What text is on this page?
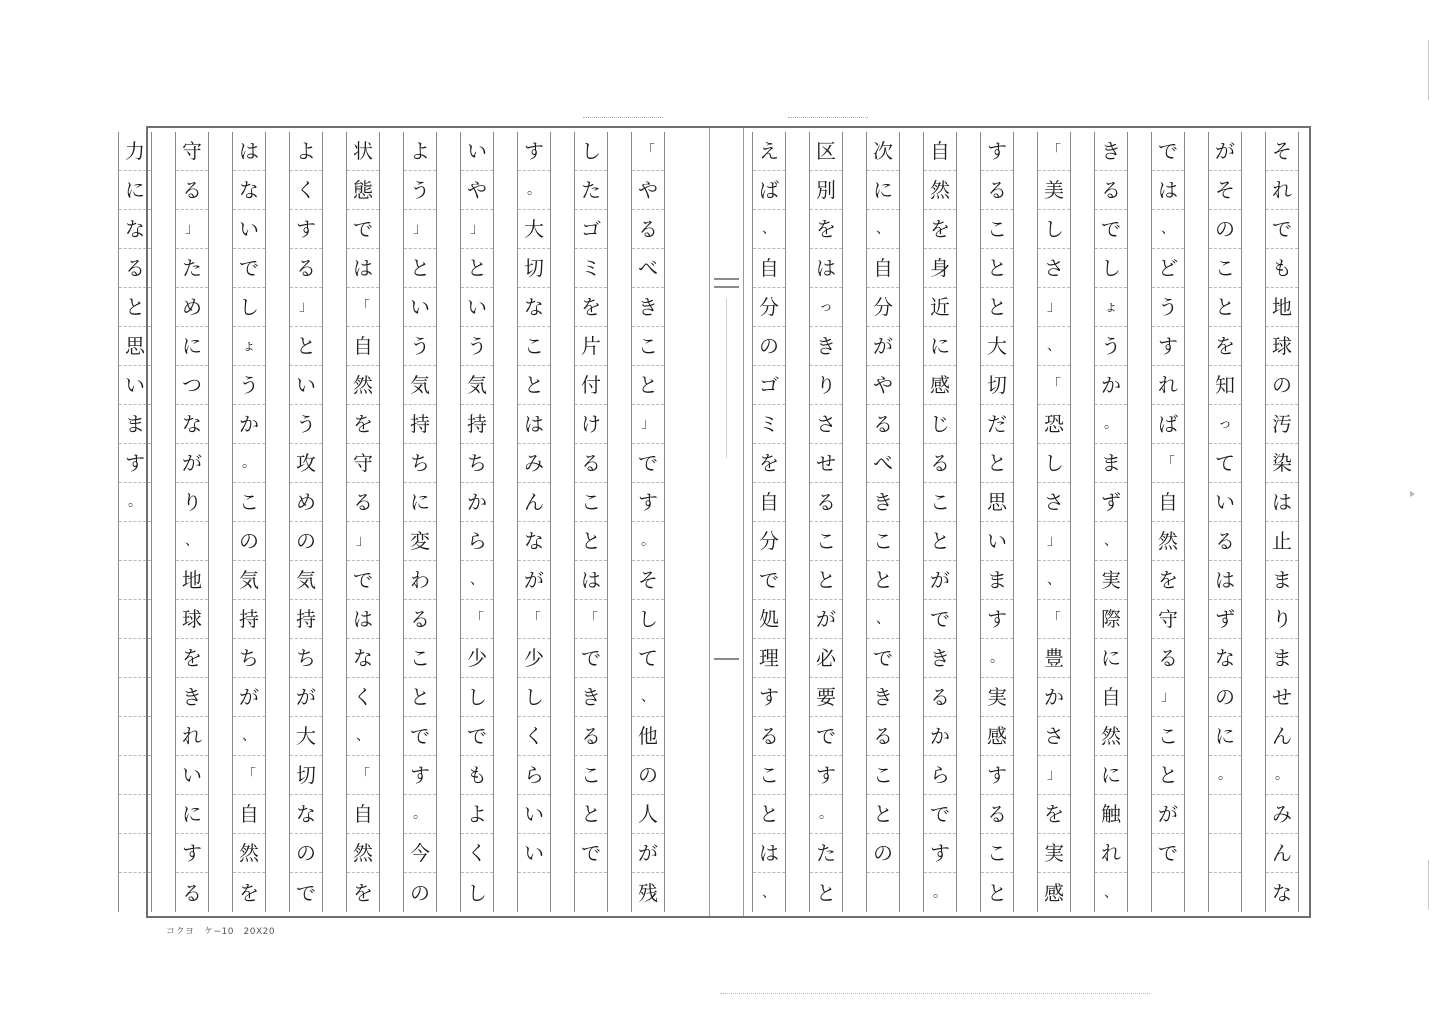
そ
れ
で
も
地
球
の
汚
染
は
止
ま
り
ま
せ
ん
。
み
ん
な
が
そ
の
こ
と
を
知
っ
て
い
る
は
ず
な
の
に
。
で
は
、
ど
う
す
れ
ば
「
自
然
を
守
る
」
こ
と
が
で
き
る
で
し
ょ
う
か
。
ま
ず
、
実
際
に
自
然
に
触
れ
、
「
美
し
さ
」
、
「
恐
し
さ
」
、
「
豊
か
さ
」
を
実
感
す
る
こ
と
と
大
切
だ
と
思
い
ま
す
。
実
感
す
る
こ
と
自
然
を
身
近
に
感
じ
る
こ
と
が
で
き
る
か
ら
で
す
。
次
に
、
自
分
が
や
る
べ
き
こ
と
、
で
き
る
こ
と
の
区
別
を
は
っ
き
り
さ
せ
る
こ
と
が
必
要
で
す
。
た
と
え
ば
、
自
分
の
ゴ
ミ
を
自
分
で
処
理
す
る
こ
と
は
、
「
や
る
べ
き
こ
と
」
で
す
。
そ
し
て
、
他
の
人
が
残
し
た
ゴ
ミ
を
片
付
け
る
こ
と
は
「
で
き
る
こ
と
で
す
。
大
切
な
こ
と
は
み
ん
な
が
「
少
し
く
ら
い
い
い
や
」
と
い
う
気
持
ち
か
ら
、
「
少
し
で
も
よ
く
し
よ
う
」
と
い
う
気
持
ち
に
変
わ
る
こ
と
で
す
。
今
の
状
態
で
は
「
自
然
を
守
る
」
で
は
な
く
、
「
自
然
を
よ
く
す
る
」
と
い
う
攻
め
の
気
持
ち
が
大
切
な
の
で
は
な
い
で
し
ょ
う
か
。
こ
の
気
持
ち
が
、
「
自
然
を
守
る
」
た
め
に
つ
な
が
り
、
地
球
を
き
れ
い
に
す
る
力
に
な
る
と
思
い
ま
す
。
コクヨ　ケ−10　20X20
